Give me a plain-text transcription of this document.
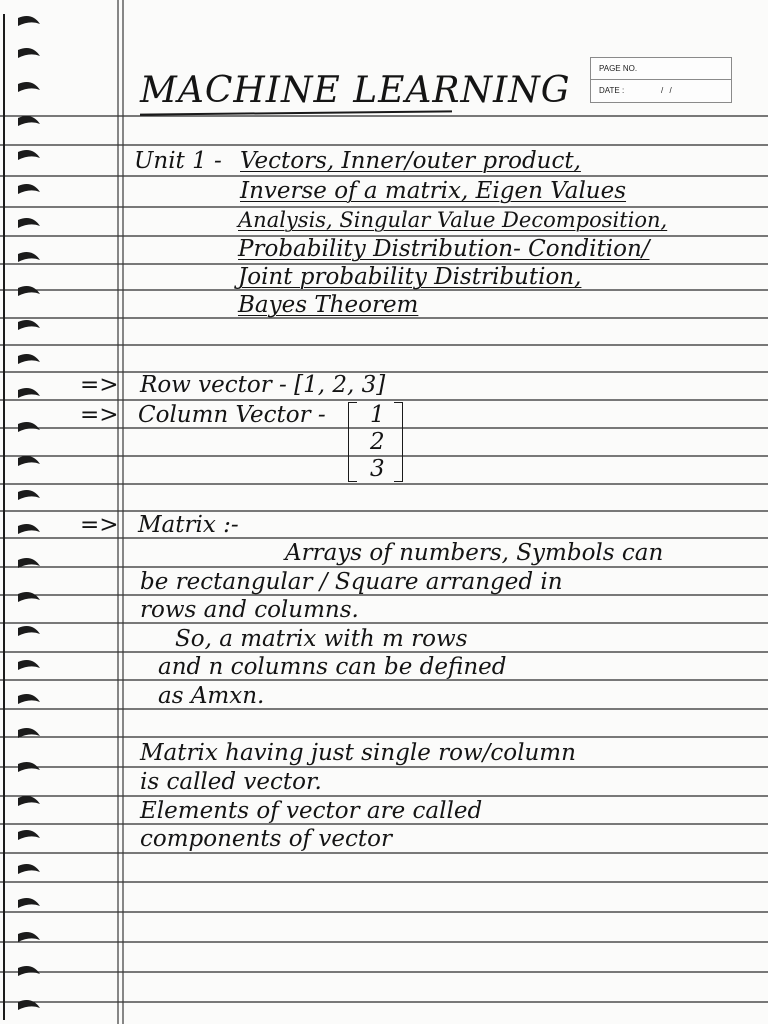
PAGE NO.
DATE :	/ /
MACHINE LEARNING
Unit 1 - Vectors, Inner/outer product,
Inverse of a matrix, Eigen Values
Analysis, Singular Value Decomposition,
Probability Distribution- Condition/
Joint probability Distribution,
Bayes Theorem
=> Row vector - [1, 2, 3]
=> Column Vector - 1
2
3
=> Matrix :-
Arrays of numbers, Symbols can
be rectangular / Square arranged in
rows and columns.
So, a matrix with m rows
and n columns can be defined
as Amxn.
Matrix having just single row/column
is called vector.
Elements of vector are called
components of vector
